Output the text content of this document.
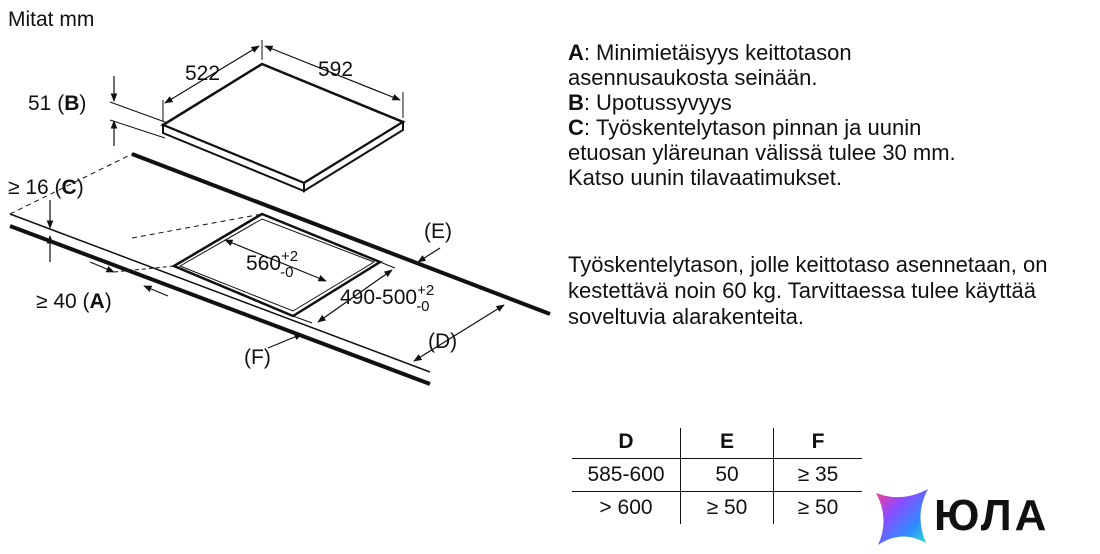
Mitat mm
522	592
51 (B)
$560^{+2}$ -0
$490-500^{+2}$ -0
≥ 16 (C)
≥ 40 (A)
(E)
(D)
(F)
A : Minimietäisyys keittotason
asennusaukosta seinään.
B : Upotussyvyys
C : Työskentelytason pinnan ja uunin
etuosan yläreunan välissä tulee 30 mm.
Katso uunin tilavaatimukset.
Työskentelytason, jolle keittotaso asennetaan, on kestettävä noin 60 kg. Tarvittaessa tulee käyttää soveltuvia alarakenteita.
D	E	F
585-600	50	≥ 35
> 600	≥ 50	≥ 50 ЮЛА
